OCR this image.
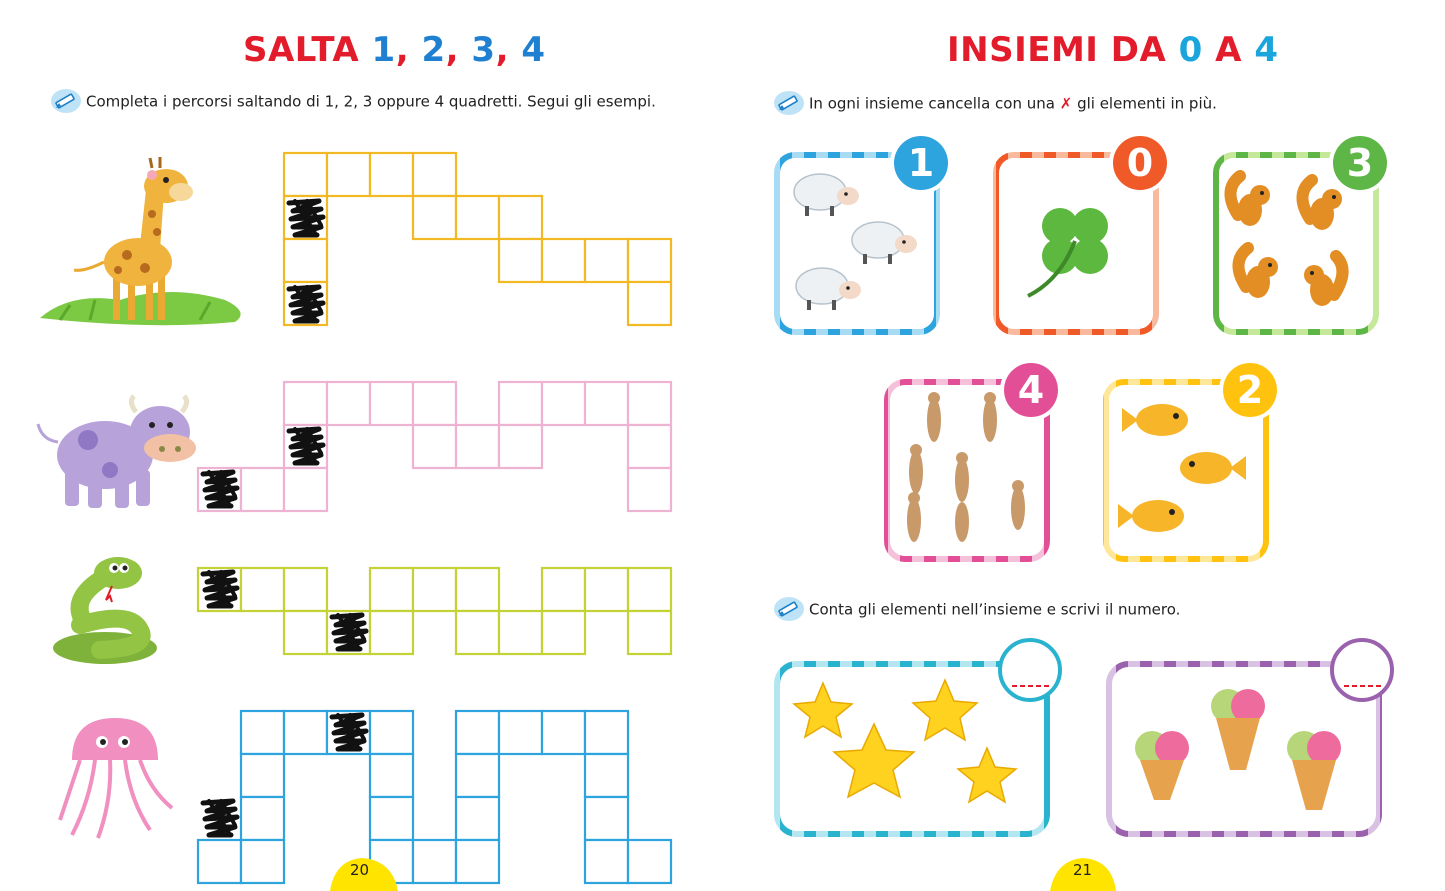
SALTA 1, 2, 3, 4	INSIEMI DA 0 A 4
Completa i percorsi saltando di 1, 2, 3 oppure 4 quadretti. Segui gli esempi.	In ogni insieme cancella con una ✗ gli elementi in più.
Conta gli elementi nell’insieme e scrivi il numero.
1	0	3
4	2
20	21
